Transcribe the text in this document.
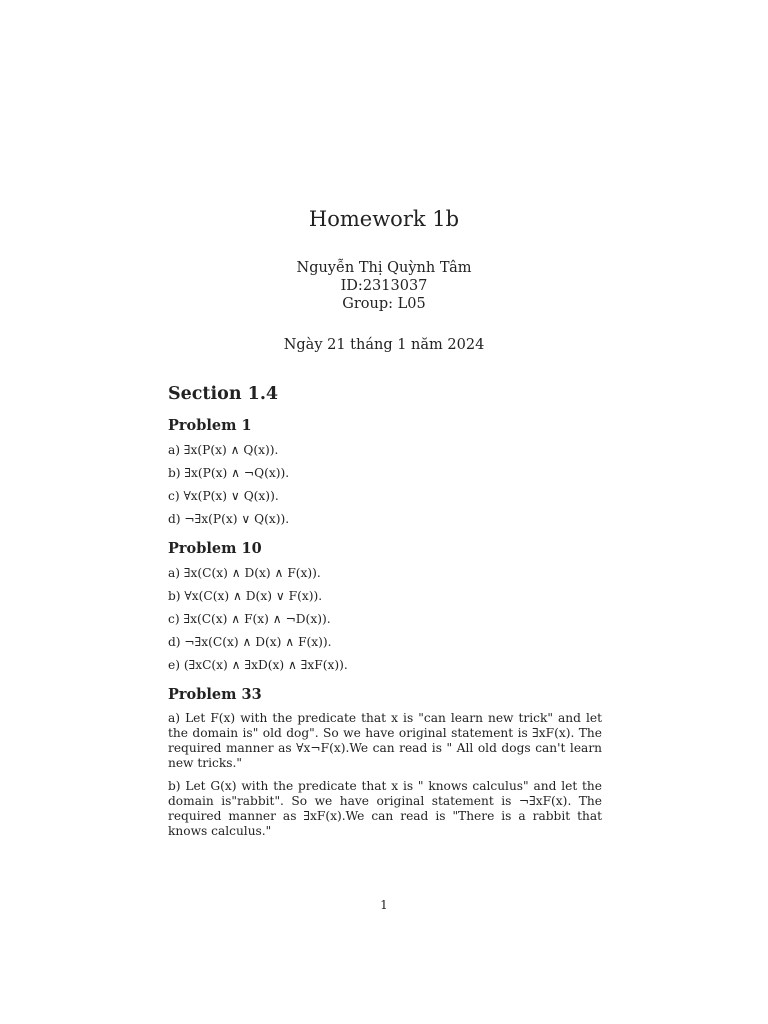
Homework 1b
Nguyễn Thị Quỳnh Tâm
ID:2313037
Group: L05
Ngày 21 tháng 1 năm 2024
Section 1.4
Problem 1
a) ∃x(P(x) ∧ Q(x)).
b) ∃x(P(x) ∧ ¬Q(x)).
c) ∀x(P(x) ∨ Q(x)).
d) ¬∃x(P(x) ∨ Q(x)).
Problem 10
a) ∃x(C(x) ∧ D(x) ∧ F(x)).
b) ∀x(C(x) ∧ D(x) ∨ F(x)).
c) ∃x(C(x) ∧ F(x) ∧ ¬D(x)).
d) ¬∃x(C(x) ∧ D(x) ∧ F(x)).
e) (∃xC(x) ∧ ∃xD(x) ∧ ∃xF(x)).
Problem 33

a) Let F(x) with the predicate that x is "can learn new trick" and let the domain is" old dog". So we have original statement is ∃xF(x). The required manner as ∀x¬F(x).We can read is " All old dogs can't learn new tricks."

b) Let G(x) with the predicate that x is " knows calculus" and let the domain is"rabbit". So we have original statement is ¬∃xF(x). The required manner as ∃xF(x).We can read is "There is a rabbit that knows calculus."

1
